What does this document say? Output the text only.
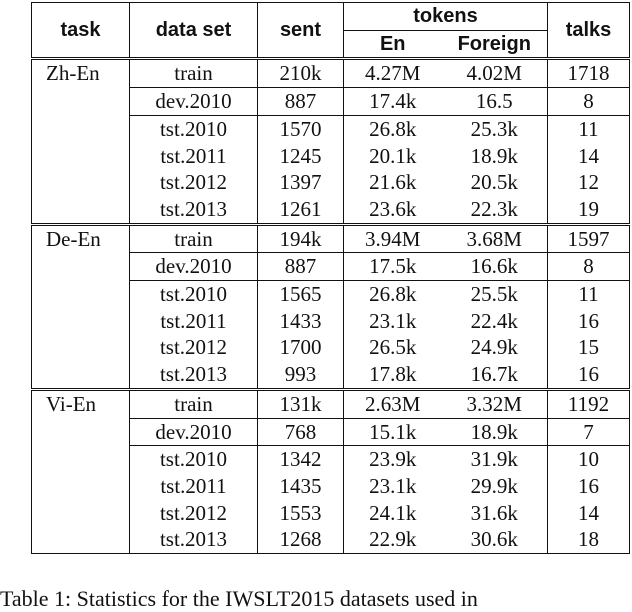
task	data set	sent	tokens		talks
			En	Foreign	
Zh-En	train	210k	4.27M	4.02M	1718
	dev.2010	887	17.4k	16.5	8
	tst.2010	1570	26.8k	25.3k	11
	tst.2011	1245	20.1k	18.9k	14
	tst.2012	1397	21.6k	20.5k	12
	tst.2013	1261	23.6k	22.3k	19
De-En	train	194k	3.94M	3.68M	1597
	dev.2010	887	17.5k	16.6k	8
	tst.2010	1565	26.8k	25.5k	11
	tst.2011	1433	23.1k	22.4k	16
	tst.2012	1700	26.5k	24.9k	15
	tst.2013	993	17.8k	16.7k	16
Vi-En	train	131k	2.63M	3.32M	1192
	dev.2010	768	15.1k	18.9k	7
	tst.2010	1342	23.9k	31.9k	10
	tst.2011	1435	23.1k	29.9k	16
	tst.2012	1553	24.1k	31.6k	14
	tst.2013	1268	22.9k	30.6k	18
Table 1: Statistics for the IWSLT2015 datasets used in
